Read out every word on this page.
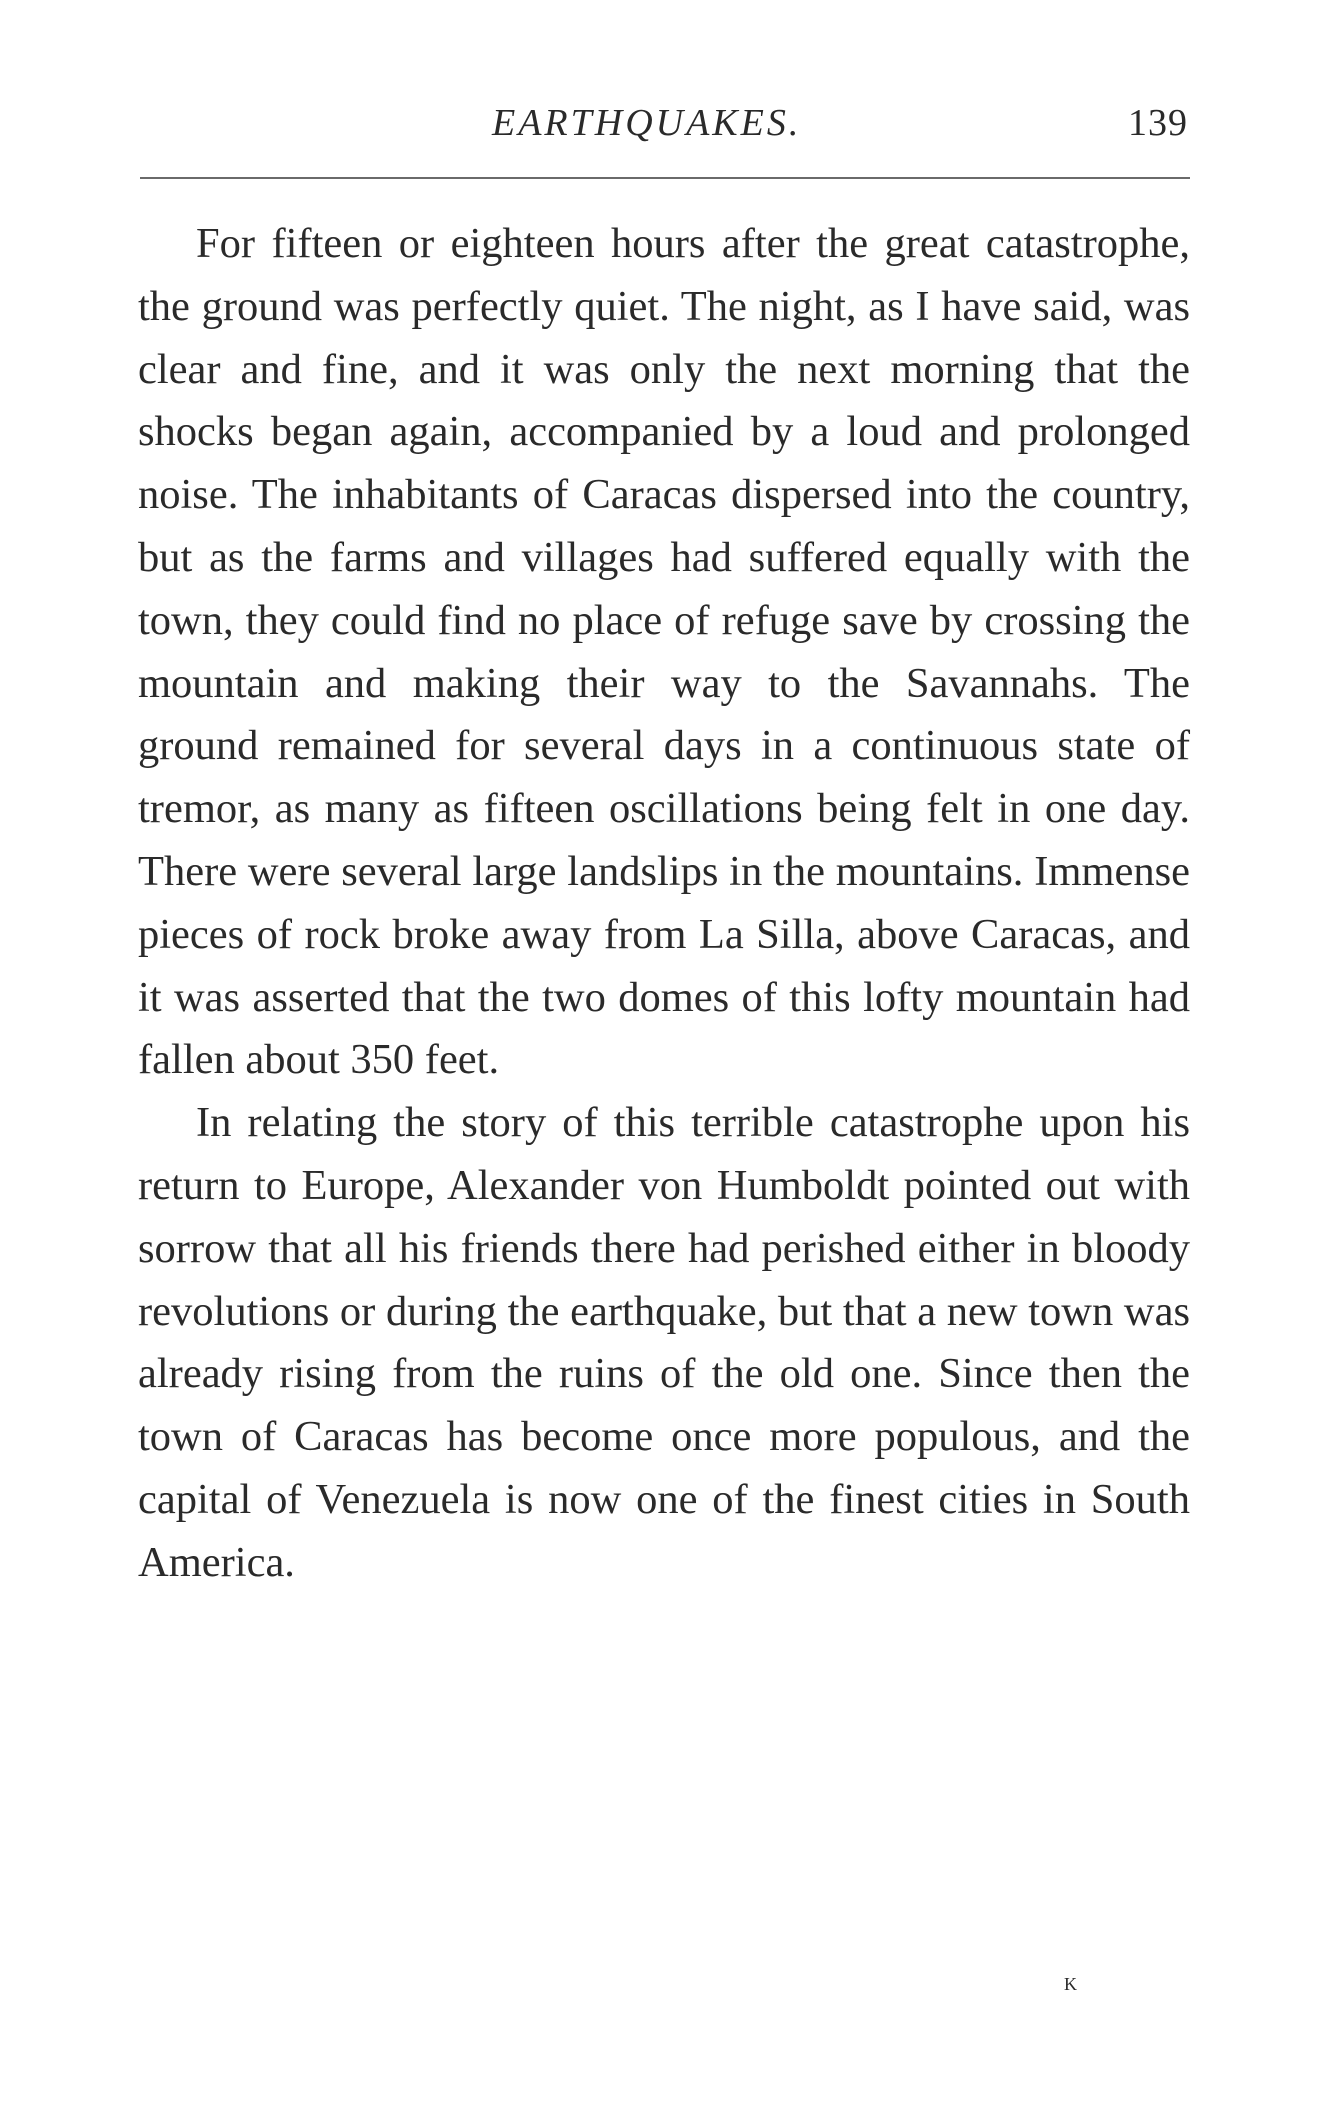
EARTHQUAKES.	139

For fifteen or eighteen hours after the great catastrophe, the ground was perfectly quiet. The night, as I have said, was clear and fine, and it was only the next morning that the shocks began again, accompanied by a loud and prolonged noise. The inhabitants of Caracas dispersed into the country, but as the farms and villages had suffered equally with the town, they could find no place of refuge save by crossing the mountain and making their way to the Savannahs. The ground remained for several days in a continuous state of tremor, as many as fifteen oscillations being felt in one day. There were several large landslips in the mountains. Immense pieces of rock broke away from La Silla, above Caracas, and it was asserted that the two domes of this lofty mountain had fallen about 350 feet.

In relating the story of this terrible catastrophe upon his return to Europe, Alexander von Humboldt pointed out with sorrow that all his friends there had perished either in bloody revolutions or during the earthquake, but that a new town was already rising from the ruins of the old one. Since then the town of Caracas has become once more populous, and the capital of Venezuela is now one of the finest cities in South America.

K
